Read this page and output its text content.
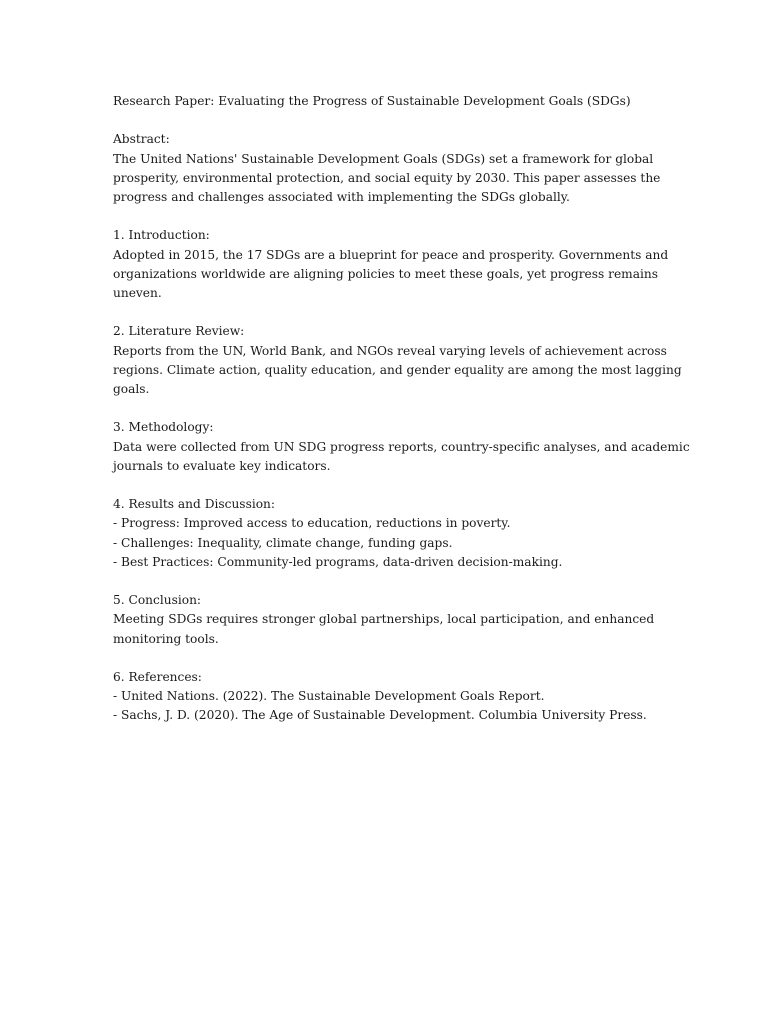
Research Paper: Evaluating the Progress of Sustainable Development Goals (SDGs)
Abstract:
The United Nations' Sustainable Development Goals (SDGs) set a framework for global
prosperity, environmental protection, and social equity by 2030. This paper assesses the
progress and challenges associated with implementing the SDGs globally.
1. Introduction:
Adopted in 2015, the 17 SDGs are a blueprint for peace and prosperity. Governments and
organizations worldwide are aligning policies to meet these goals, yet progress remains
uneven.
2. Literature Review:
Reports from the UN, World Bank, and NGOs reveal varying levels of achievement across
regions. Climate action, quality education, and gender equality are among the most lagging
goals.
3. Methodology:
Data were collected from UN SDG progress reports, country-specific analyses, and academic
journals to evaluate key indicators.
4. Results and Discussion:
- Progress: Improved access to education, reductions in poverty.
- Challenges: Inequality, climate change, funding gaps.
- Best Practices: Community-led programs, data-driven decision-making.
5. Conclusion:
Meeting SDGs requires stronger global partnerships, local participation, and enhanced
monitoring tools.
6. References:
- United Nations. (2022). The Sustainable Development Goals Report.
- Sachs, J. D. (2020). The Age of Sustainable Development. Columbia University Press.
